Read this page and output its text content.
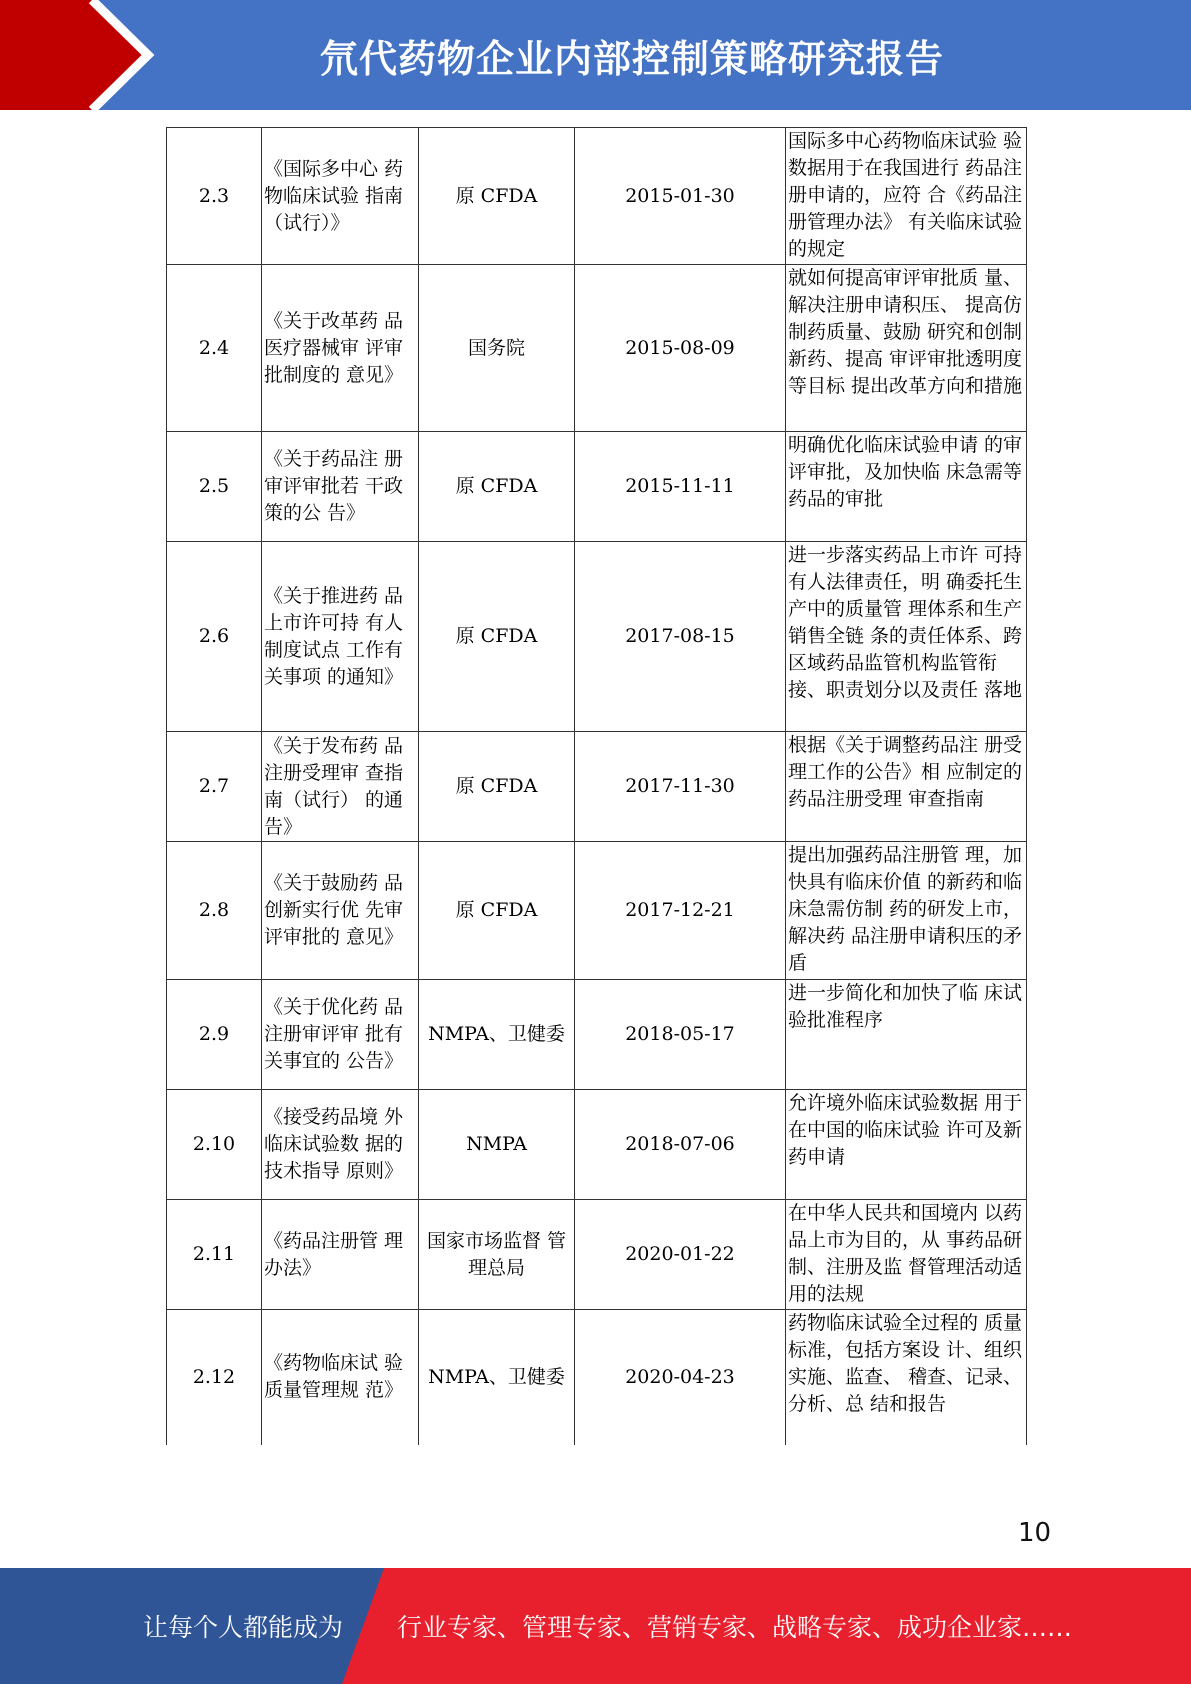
氘代药物企业内部控制策略研究报告
2.3	《国际多中心 药物临床试验 指南（试行）》	原 CFDA	2015-01-30	国际多中心药物临床试验 验数据用于在我国进行 药品注册申请的，应符 合《药品注册管理办法》 有关临床试验的规定
2.4	《关于改革药 品医疗器械审 评审批制度的 意见》	国务院	2015-08-09	就如何提高审评审批质 量、解决注册申请积压、 提高仿制药质量、鼓励 研究和创制新药、提高 审评审批透明度等目标 提出改革方向和措施
2.5	《关于药品注 册审评审批若 干政策的公 告》	原 CFDA	2015-11-11	明确优化临床试验申请 的审评审批，及加快临 床急需等药品的审批
2.6	《关于推进药 品上市许可持 有人制度试点 工作有关事项 的通知》	原 CFDA	2017-08-15	进一步落实药品上市许 可持有人法律责任，明 确委托生产中的质量管 理体系和生产销售全链 条的责任体系、跨区域药品监管机构监管衔 接、职责划分以及责任 落地
2.7	《关于发布药 品注册受理审 查指南（试行） 的通告》	原 CFDA	2017-11-30	根据《关于调整药品注 册受理工作的公告》相 应制定的药品注册受理 审查指南
2.8	《关于鼓励药 品创新实行优 先审评审批的 意见》	原 CFDA	2017-12-21	提出加强药品注册管 理，加快具有临床价值 的新药和临床急需仿制 药的研发上市，解决药 品注册申请积压的矛盾
2.9	《关于优化药 品注册审评审 批有关事宜的 公告》	NMPA、卫健委	2018-05-17	进一步简化和加快了临 床试验批准程序
2.10	《接受药品境 外临床试验数 据的技术指导 原则》	NMPA	2018-07-06	允许境外临床试验数据 用于在中国的临床试验 许可及新药申请
2.11	《药品注册管 理办法》	国家市场监督 管理总局	2020-01-22	在中华人民共和国境内 以药品上市为目的，从 事药品研制、注册及监 督管理活动适用的法规
2.12	《药物临床试 验质量管理规 范》	NMPA、卫健委	2020-04-23	药物临床试验全过程的 质量标准，包括方案设 计、组织实施、监查、 稽查、记录、分析、总 结和报告
10
让每个人都能成为 行业专家、管理专家、营销专家、战略专家、成功企业家……
